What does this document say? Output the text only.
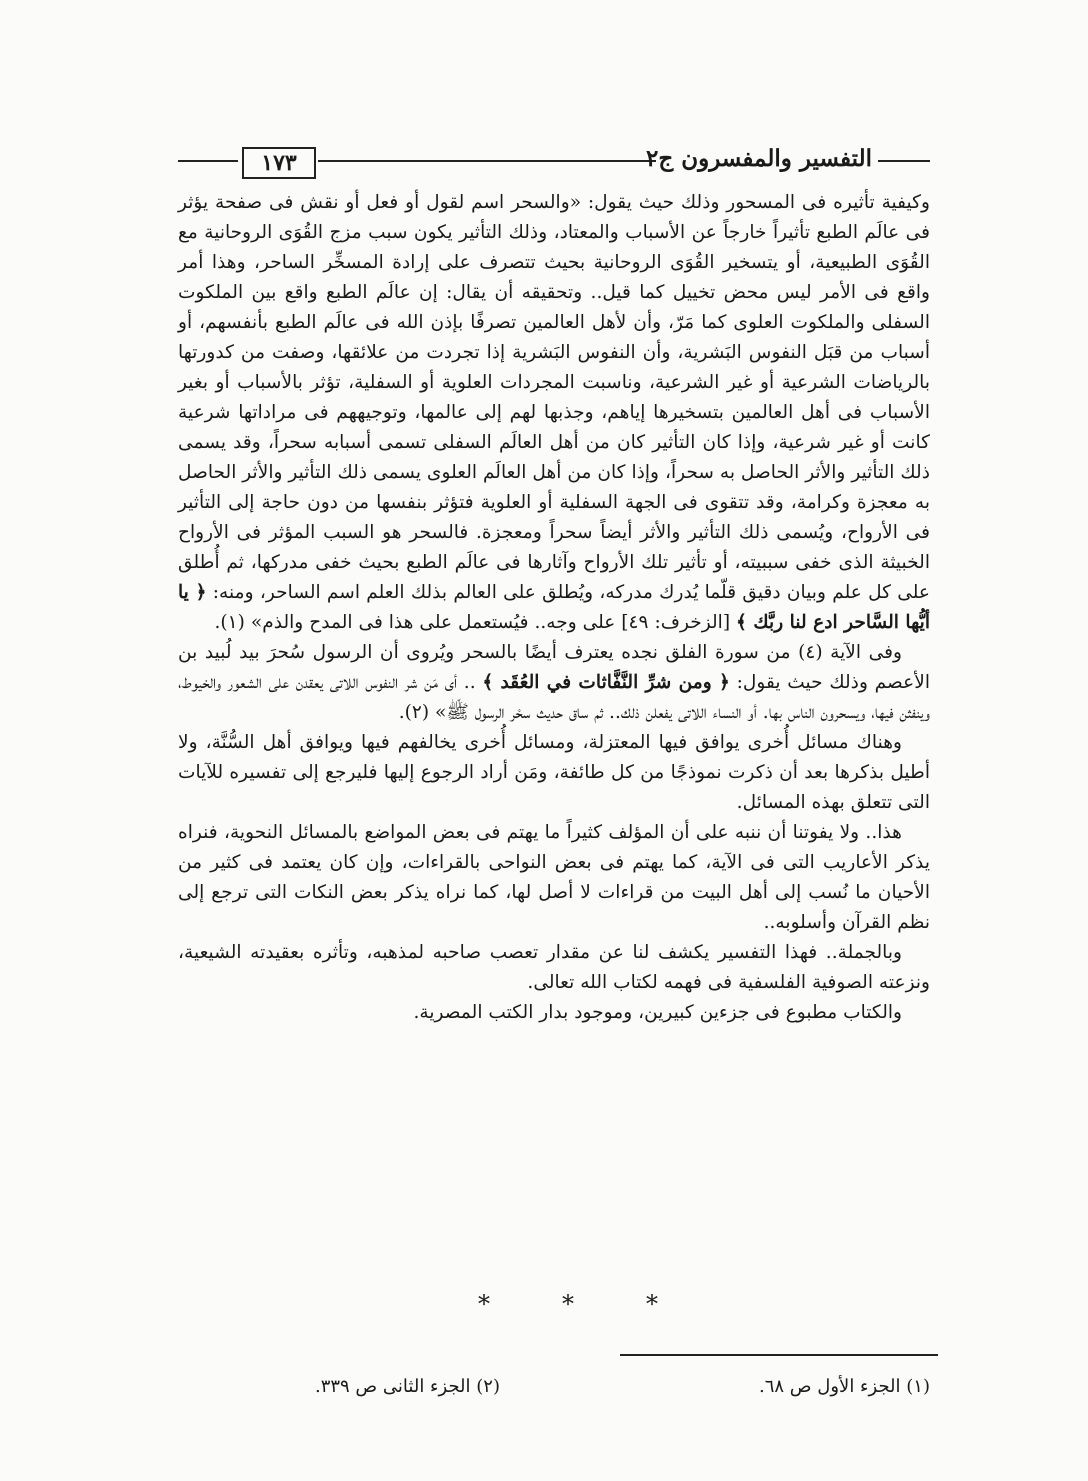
١٧٣	التفسير والمفسرون ج٢

وكيفية تأثيره فى المسحور وذلك حيث يقول: «والسحر اسم لقول أو فعل أو نقش فى صفحة يؤثر فى عالَم الطبع تأثيراً خارجاً عن الأسباب والمعتاد، وذلك التأثير يكون سبب مزج القُوَى الروحانية مع القُوَى الطبيعية، أو يتسخير القُوَى الروحانية بحيث تتصرف على إرادة المسخِّر الساحر، وهذا أمر واقع فى الأمر ليس محض تخييل كما قيل.. وتحقيقه أن يقال: إن عالَم الطبع واقع بين الملكوت السفلى والملكوت العلوى كما مَرّ، وأن لأهل العالمين تصرفًا بإذن الله فى عالَم الطبع بأنفسهم، أو أسباب من قبَل النفوس البَشرية، وأن النفوس البَشرية إذا تجردت من علائقها، وصفت من كدورتها بالرياضات الشرعية أو غير الشرعية، وناسبت المجردات العلوية أو السفلية، تؤثر بالأسباب أو بغير الأسباب فى أهل العالمين بتسخيرها إياهم، وجذبها لهم إلى عالمها، وتوجيههم فى مراداتها شرعية كانت أو غير شرعية، وإذا كان التأثير كان من أهل العالَم السفلى تسمى أسبابه سحراً، وقد يسمى ذلك التأثير والأثر الحاصل به سحراً، وإذا كان من أهل العالَم العلوى يسمى ذلك التأثير والأثر الحاصل به معجزة وكرامة، وقد تتقوى فى الجهة السفلية أو العلوية فتؤثر بنفسها من دون حاجة إلى التأثير فى الأرواح، ويُسمى ذلك التأثير والأثر أيضاً سحراً ومعجزة. فالسحر هو السبب المؤثر فى الأرواح الخبيثة الذى خفى سببيته، أو تأثير تلك الأرواح وآثارها فى عالَم الطبع بحيث خفى مدركها، ثم أُطلق على كل علم وبيان دقيق قلّما يُدرك مدركه، ويُطلق على العالم بذلك العلم اسم الساحر، ومنه: ﴿ يا أيُّها السَّاحر ادع لنا ربَّك ﴾ [الزخرف: ٤٩] على وجه.. فيُستعمل على هذا فى المدح والذم» (١).

وفى الآية (٤) من سورة الفلق نجده يعترف أيضًا بالسحر ويُروى أن الرسول سُحرَ بيد لُبيد بن الأعصم وذلك حيث يقول: ﴿ ومن شرِّ النَّفَّاثات في العُقَد ﴾ .. أى مَن شر النفوس اللاتى يعقدن على الشعور والخيوط، وينفثن فيها، ويسحرون الناس بها. أو النساء اللاتى يفعلن ذلك.. ثم ساق حديث سحْر الرسول ﷺ» (٢).

وهناك مسائل أُخرى يوافق فيها المعتزلة، ومسائل أُخرى يخالفهم فيها ويوافق أهل السُّنَّة، ولا أطيل بذكرها بعد أن ذكرت نموذجًا من كل طائفة، ومَن أراد الرجوع إليها فليرجع إلى تفسيره للآيات التى تتعلق بهذه المسائل.

هذا.. ولا يفوتنا أن ننبه على أن المؤلف كثيراً ما يهتم فى بعض المواضع بالمسائل النحوية، فنراه يذكر الأعاريب التى فى الآية، كما يهتم فى بعض النواحى بالقراءات، وإن كان يعتمد فى كثير من الأحيان ما نُسب إلى أهل البيت من قراءات لا أصل لها، كما نراه يذكر بعض النكات التى ترجع إلى نظم القرآن وأسلوبه..

وبالجملة.. فهذا التفسير يكشف لنا عن مقدار تعصب صاحبه لمذهبه، وتأثره بعقيدته الشيعية، ونزعته الصوفية الفلسفية فى فهمه لكتاب الله تعالى.

والكتاب مطبوع فى جزءين كبيرين، وموجود بدار الكتب المصرية.

*	*	*
(١) الجزء الأول ص ٦٨.
(٢) الجزء الثانى ص ٣٣٩.
